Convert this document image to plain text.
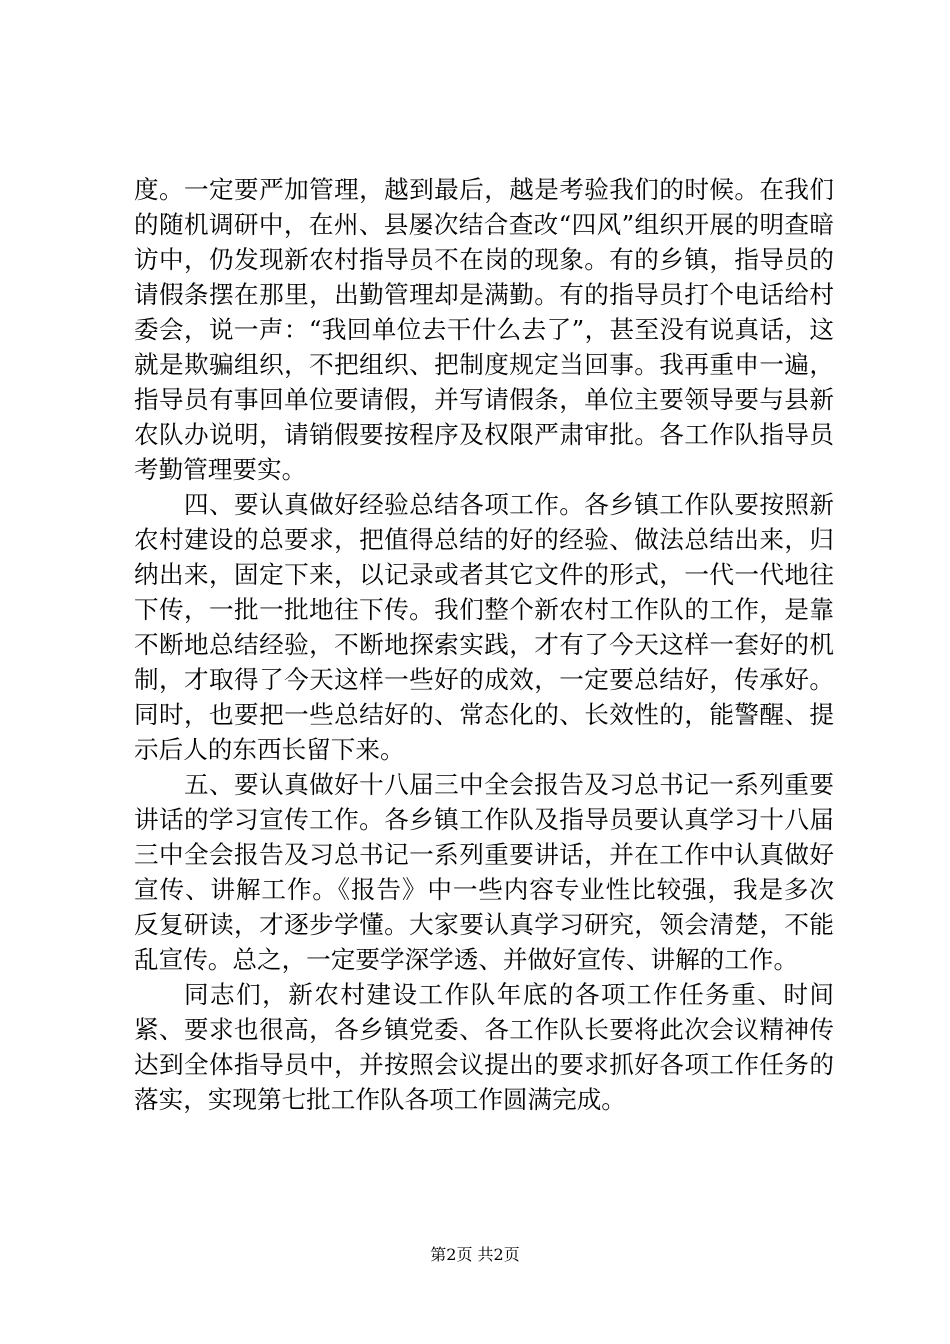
度。一定要严加管理，越到最后，越是考验我们的时候。在我们的随机调研中，在州、县屡次结合查改“四风”组织开展的明查暗访中，仍发现新农村指导员不在岗的现象。有的乡镇，指导员的请假条摆在那里，出勤管理却是满勤。有的指导员打个电话给村委会，说一声：“我回单位去干什么去了”，甚至没有说真话，这就是欺骗组织，不把组织、把制度规定当回事。我再重申一遍，指导员有事回单位要请假，并写请假条，单位主要领导要与县新农队办说明，请销假要按程序及权限严肃审批。各工作队指导员考勤管理要实。

四、要认真做好经验总结各项工作。各乡镇工作队要按照新农村建设的总要求，把值得总结的好的经验、做法总结出来，归纳出来，固定下来，以记录或者其它文件的形式，一代一代地往下传，一批一批地往下传。我们整个新农村工作队的工作，是靠不断地总结经验，不断地探索实践，才有了今天这样一套好的机制，才取得了今天这样一些好的成效，一定要总结好，传承好。同时，也要把一些总结好的、常态化的、长效性的，能警醒、提示后人的东西长留下来。

五、要认真做好十八届三中全会报告及习总书记一系列重要讲话的学习宣传工作。各乡镇工作队及指导员要认真学习十八届三中全会报告及习总书记一系列重要讲话，并在工作中认真做好宣传、讲解工作。《报告》中一些内容专业性比较强，我是多次反复研读，才逐步学懂。大家要认真学习研究，领会清楚，不能乱宣传。总之，一定要学深学透、并做好宣传、讲解的工作。

同志们，新农村建设工作队年底的各项工作任务重、时间紧、要求也很高，各乡镇党委、各工作队长要将此次会议精神传达到全体指导员中，并按照会议提出的要求抓好各项工作任务的落实，实现第七批工作队各项工作圆满完成。

第2页 共2页
